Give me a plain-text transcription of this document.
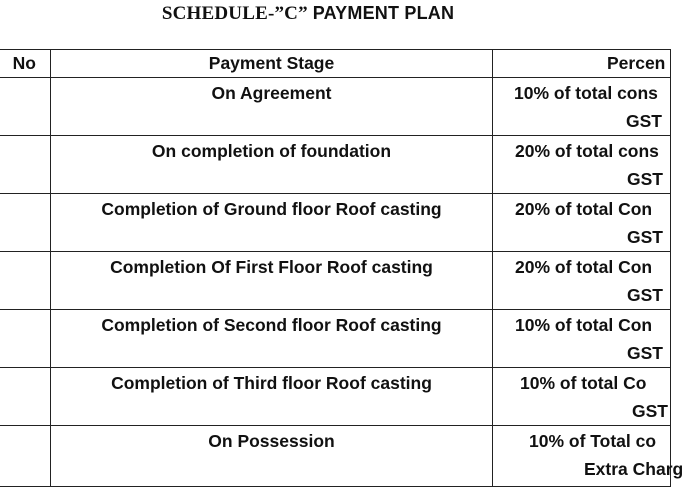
SCHEDULE-”C” PAYMENT PLAN
No	Payment Stage	Percen

	On Agreement	10% of total cons
GST

	On completion of foundation	20% of total cons
GST

	Completion of Ground floor Roof casting	20% of total Con
GST

	Completion Of First Floor Roof casting	20% of total Con
GST

	Completion of Second floor Roof casting	10% of total Con
GST

	Completion of Third floor Roof casting	10% of total Co
GST

	On Possession	10% of Total co
Extra Charg
